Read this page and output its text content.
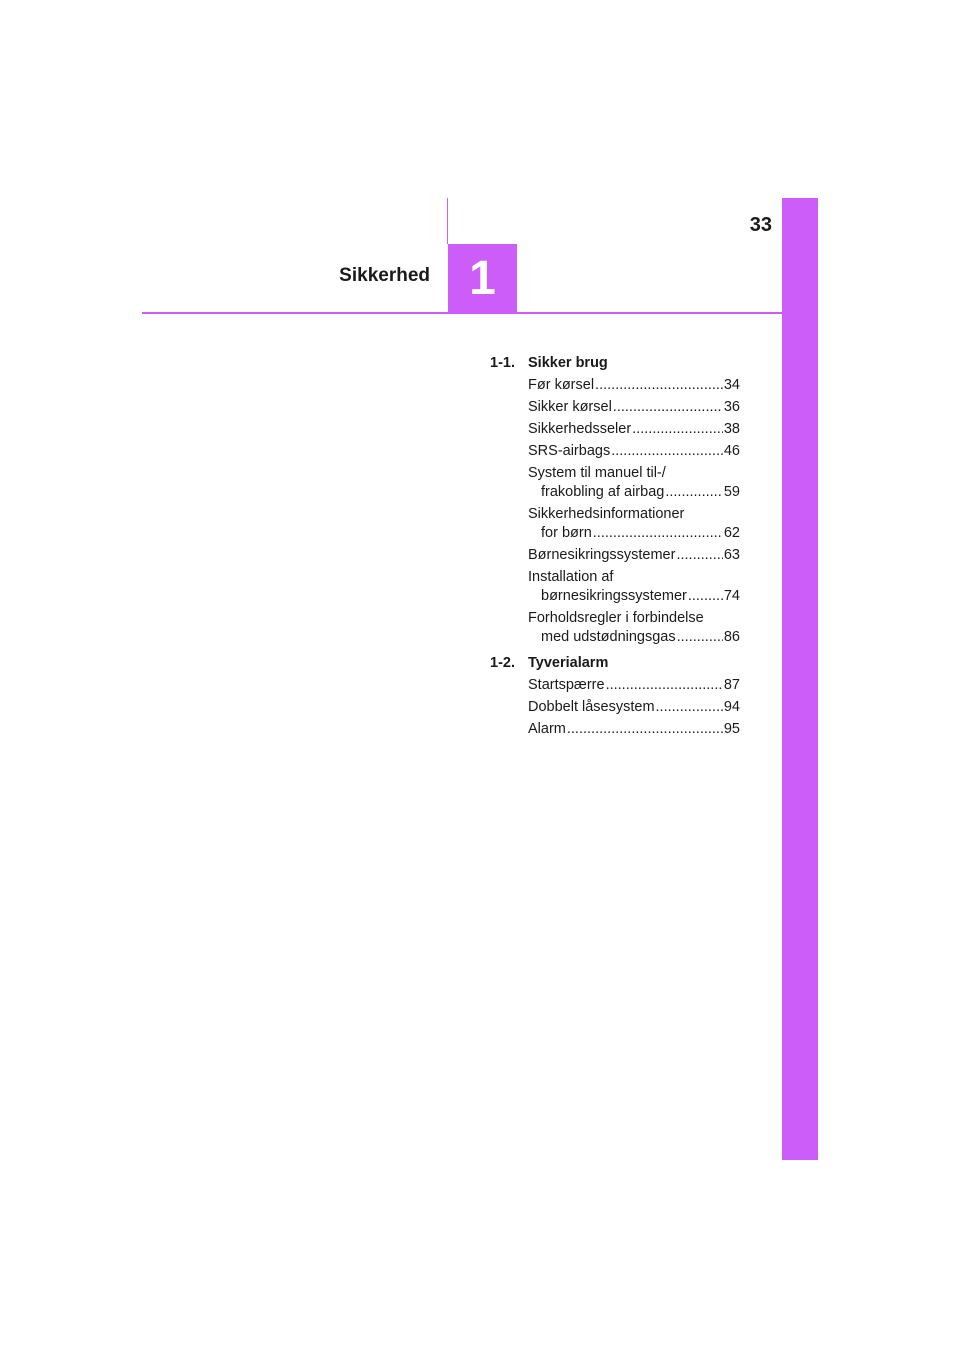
33
1
Sikkerhed
1-1. Sikker brug
Før kørsel .....	34
Sikker kørsel .....	36
Sikkerhedsseler .....	38
SRS-airbags .....	46
System til manuel til-/
frakobling af airbag .....	59
Sikkerhedsinformationer
for børn .....	62
Børnesikringssystemer .....	63
Installation af
børnesikringssystemer .....	74
Forholdsregler i forbindelse
med udstødningsgas .....	86
1-2. Tyverialarm
Startspærre .....	87
Dobbelt låsesystem .....	94
Alarm .....	95
